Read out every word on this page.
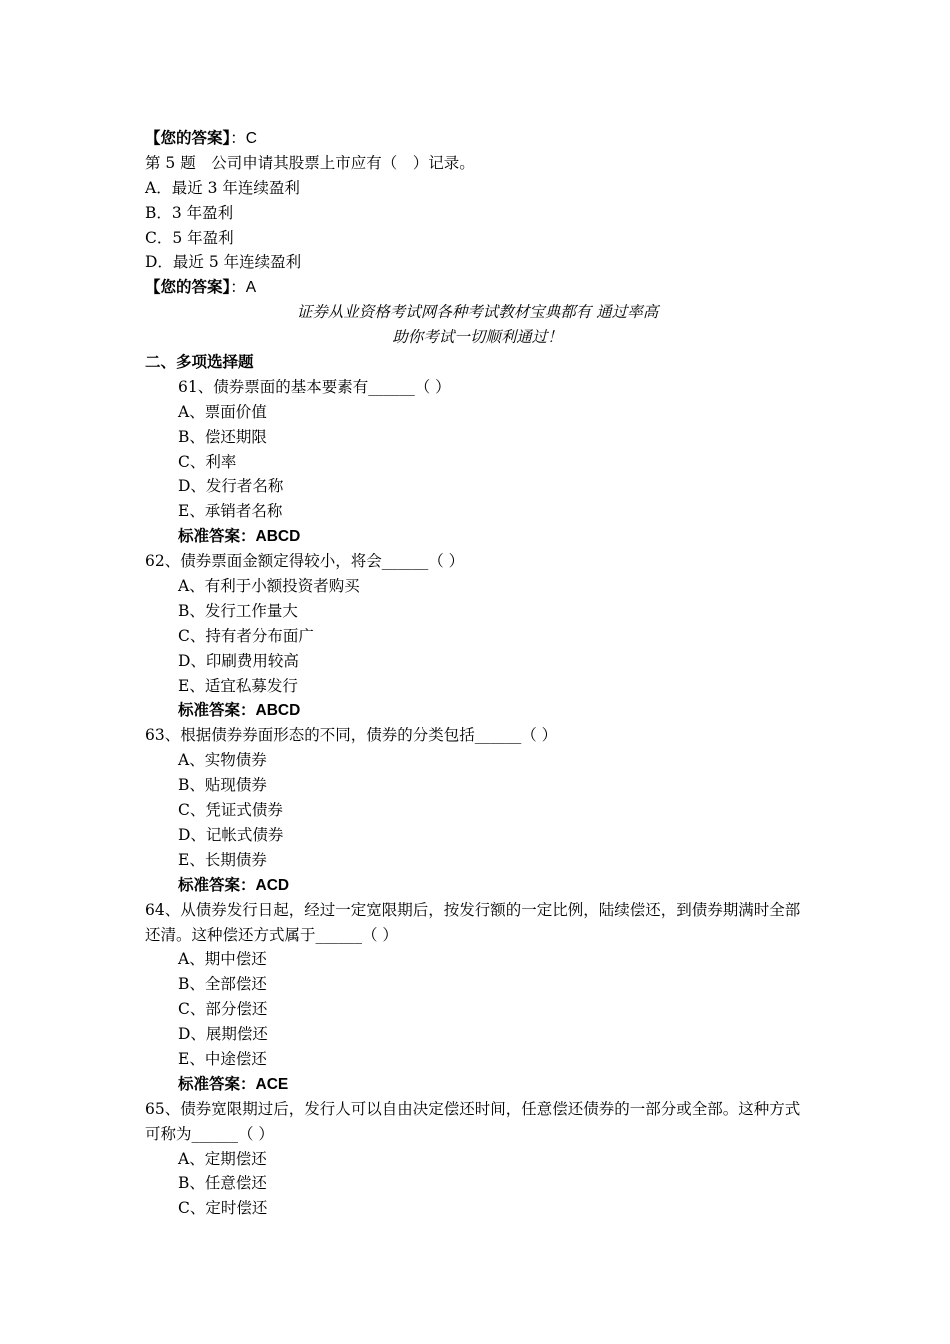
【您的答案】：C
第 5 题　公司申请其股票上市应有（　）记录。
A．最近 3 年连续盈利
B．3 年盈利
C．5 年盈利
D．最近 5 年连续盈利
【您的答案】：A
证券从业资格考试网各种考试教材宝典都有 通过率高
助你考试一切顺利通过！
二、多项选择题
61、债券票面的基本要素有______（ ）
A、票面价值
B、偿还期限
C、利率
D、发行者名称
E、承销者名称
标准答案：ABCD
62、债券票面金额定得较小，将会______（ ）
A、有利于小额投资者购买
B、发行工作量大
C、持有者分布面广
D、印刷费用较高
E、适宜私募发行
标准答案：ABCD
63、根据债券券面形态的不同，债券的分类包括______（ ）
A、实物债券
B、贴现债券
C、凭证式债券
D、记帐式债券
E、长期债券
标准答案：ACD
64、从债券发行日起，经过一定宽限期后，按发行额的一定比例，陆续偿还，到债券期满时全部还清。这种偿还方式属于______（ ）
A、期中偿还
B、全部偿还
C、部分偿还
D、展期偿还
E、中途偿还
标准答案：ACE
65、债券宽限期过后，发行人可以自由决定偿还时间，任意偿还债券的一部分或全部。这种方式可称为______（ ）
A、定期偿还
B、任意偿还
C、定时偿还
